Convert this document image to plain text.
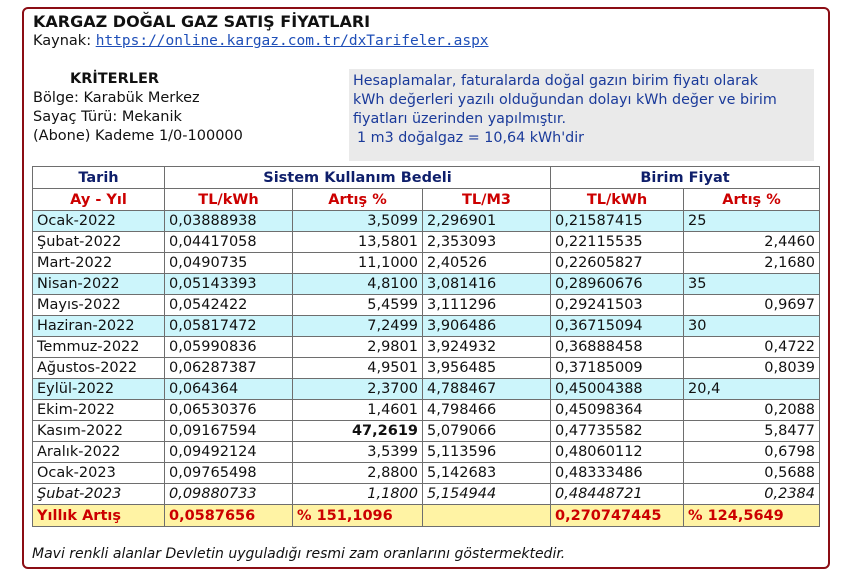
KARGAZ DOĞAL GAZ SATIŞ FİYATLARI
Kaynak: https://online.kargaz.com.tr/dxTarifeler.aspx
KRİTERLER
Bölge: Karabük Merkez
Sayaç Türü: Mekanik
(Abone) Kademe 1/0-100000
Hesaplamalar, faturalarda doğal gazın birim fiyatı olarak
kWh değerleri yazılı olduğundan dolayı kWh değer ve birim
fiyatları üzerinden yapılmıştır.
1 m3 doğalgaz = 10,64 kWh'dir
Tarih	Sistem Kullanım Bedeli			Birim Fiyat	
Ay - Yıl	TL/kWh	Artış %	TL/M3	TL/kWh	Artış %
Ocak-2022	0,03888938	3,5099	2,296901	0,21587415	25
Şubat-2022	0,04417058	13,5801	2,353093	0,22115535	2,4460
Mart-2022	0,0490735	11,1000	2,40526	0,22605827	2,1680
Nisan-2022	0,05143393	4,8100	3,081416	0,28960676	35
Mayıs-2022	0,0542422	5,4599	3,111296	0,29241503	0,9697
Haziran-2022	0,05817472	7,2499	3,906486	0,36715094	30
Temmuz-2022	0,05990836	2,9801	3,924932	0,36888458	0,4722
Ağustos-2022	0,06287387	4,9501	3,956485	0,37185009	0,8039
Eylül-2022	0,064364	2,3700	4,788467	0,45004388	20,4
Ekim-2022	0,06530376	1,4601	4,798466	0,45098364	0,2088
Kasım-2022	0,09167594	47,2619	5,079066	0,47735582	5,8477
Aralık-2022	0,09492124	3,5399	5,113596	0,48060112	0,6798
Ocak-2023	0,09765498	2,8800	5,142683	0,48333486	0,5688
Şubat-2023	0,09880733	1,1800	5,154944	0,48448721	0,2384
Yıllık Artış	0,0587656	% 151,1096		0,270747445	% 124,5649
Mavi renkli alanlar Devletin uyguladığı resmi zam oranlarını göstermektedir.
